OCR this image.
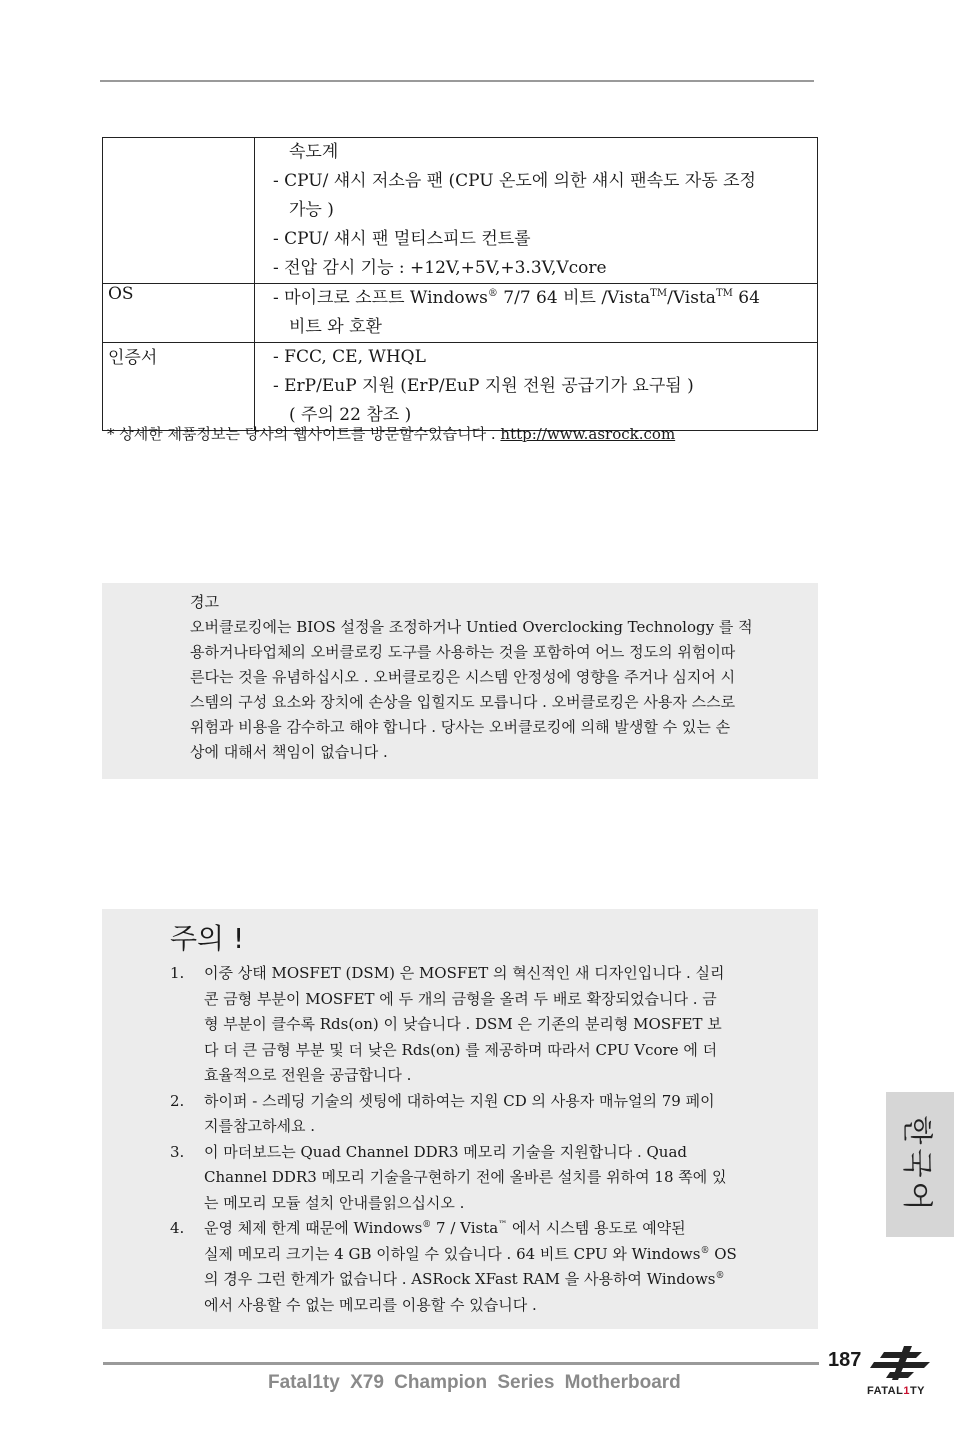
	속도계
- CPU/ 섀시 저소음 팬 (CPU 온도에 의한 섀시 팬속도 자동 조정
가능 )
- CPU/ 섀시 팬 멀티스피드 컨트롤
- 전압 감시 기능 : +12V,+5V,+3.3V,Vcore

OS	- 마이크로 소프트 Windows® 7/7 64 비트 /Vista™/Vista™ 64
비트 와 호환

인증서	- FCC, CE, WHQL
- ErP/EuP 지원 (ErP/EuP 지원 전원 공급기가 요구됨 )
( 주의 22 참조 )
* 상세한 제품정보는 당사의 웹사이트를 방문할수있습니다 . http://www.asrock.com
경고
오버클로킹에는 BIOS 설정을 조정하거나 Untied Overclocking Technology 를 적
용하거나타업체의 오버클로킹 도구를 사용하는 것을 포함하여 어느 정도의 위험이따
른다는 것을 유념하십시오 . 오버클로킹은 시스템 안정성에 영향을 주거나 심지어 시
스템의 구성 요소와 장치에 손상을 입힐지도 모릅니다 . 오버클로킹은 사용자 스스로
위험과 비용을 감수하고 해야 합니다 . 당사는 오버클로킹에 의해 발생할 수 있는 손
상에 대해서 책임이 없습니다 .
주의 !
1. 이중 상태 MOSFET (DSM) 은 MOSFET 의 혁신적인 새 디자인입니다 . 실리
콘 금형 부분이 MOSFET 에 두 개의 금형을 올려 두 배로 확장되었습니다 . 금
형 부분이 클수록 Rds(on) 이 낮습니다 . DSM 은 기존의 분리형 MOSFET 보
다 더 큰 금형 부분 및 더 낮은 Rds(on) 를 제공하며 따라서 CPU Vcore 에 더
효율적으로 전원을 공급합니다 .
2. 하이퍼 - 스레딩 기술의 셋팅에 대하여는 지원 CD 의 사용자 매뉴얼의 79 페이
지를참고하세요 .
3. 이 마더보드는 Quad Channel DDR3 메모리 기술을 지원합니다 . Quad
Channel DDR3 메모리 기술을구현하기 전에 올바른 설치를 위하여 18 쪽에 있
는 메모리 모듈 설치 안내를읽으십시오 .
4. 운영 체제 한계 때문에 Windows® 7 / Vista™ 에서 시스템 용도로 예약된
실제 메모리 크기는 4 GB 이하일 수 있습니다 . 64 비트 CPU 와 Windows® OS
의 경우 그런 한계가 없습니다 . ASRock XFast RAM 을 사용하여 Windows®
에서 사용할 수 없는 메모리를 이용할 수 있습니다 .
한국어
187
Fatal1ty X79 Champion Series Motherboard	FATAL1TY
